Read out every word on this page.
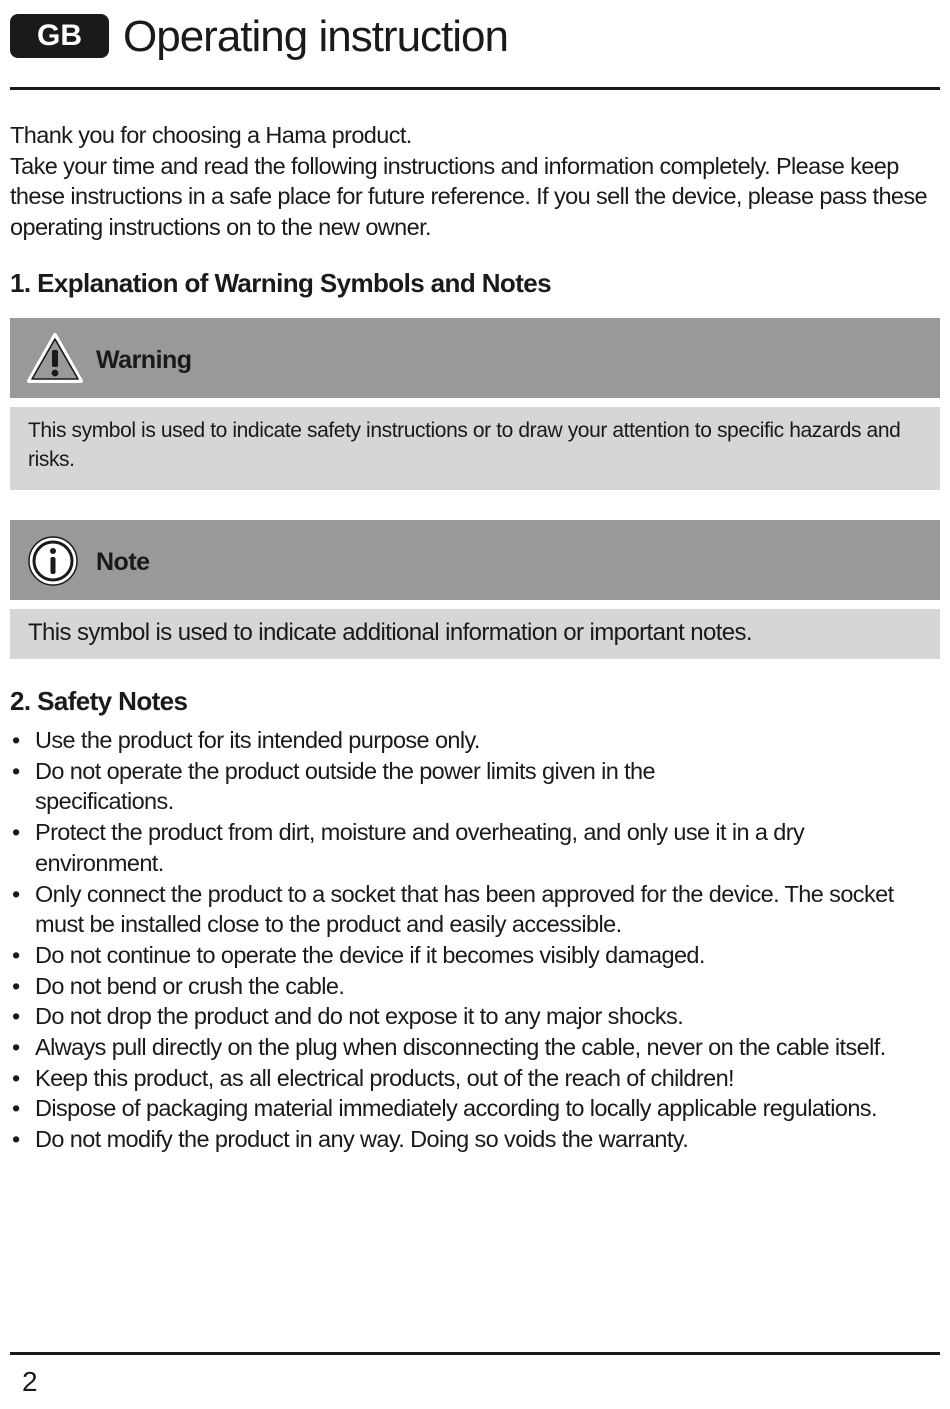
GB Operating instruction

Thank you for choosing a Hama product.

Take your time and read the following instructions and information completely. Please keep these instructions in a safe place for future reference. If you sell the device, please pass these operating instructions on to the new owner.

1. Explanation of Warning Symbols and Notes
Warning
This symbol is used to indicate safety instructions or to draw your attention to specific hazards and risks.
Note
This symbol is used to indicate additional information or important notes.
2. Safety Notes
• Use the product for its intended purpose only.
• Do not operate the product outside the power limits given in the specifications.
• Protect the product from dirt, moisture and overheating, and only use it in a dry environment.
• Only connect the product to a socket that has been approved for the device. The socket must be installed close to the product and easily accessible.
• Do not continue to operate the device if it becomes visibly damaged.
• Do not bend or crush the cable.
• Do not drop the product and do not expose it to any major shocks.
• Always pull directly on the plug when disconnecting the cable, never on the cable itself.
• Keep this product, as all electrical products, out of the reach of children!
• Dispose of packaging material immediately according to locally applicable regulations.
• Do not modify the product in any way. Doing so voids the warranty.
2
